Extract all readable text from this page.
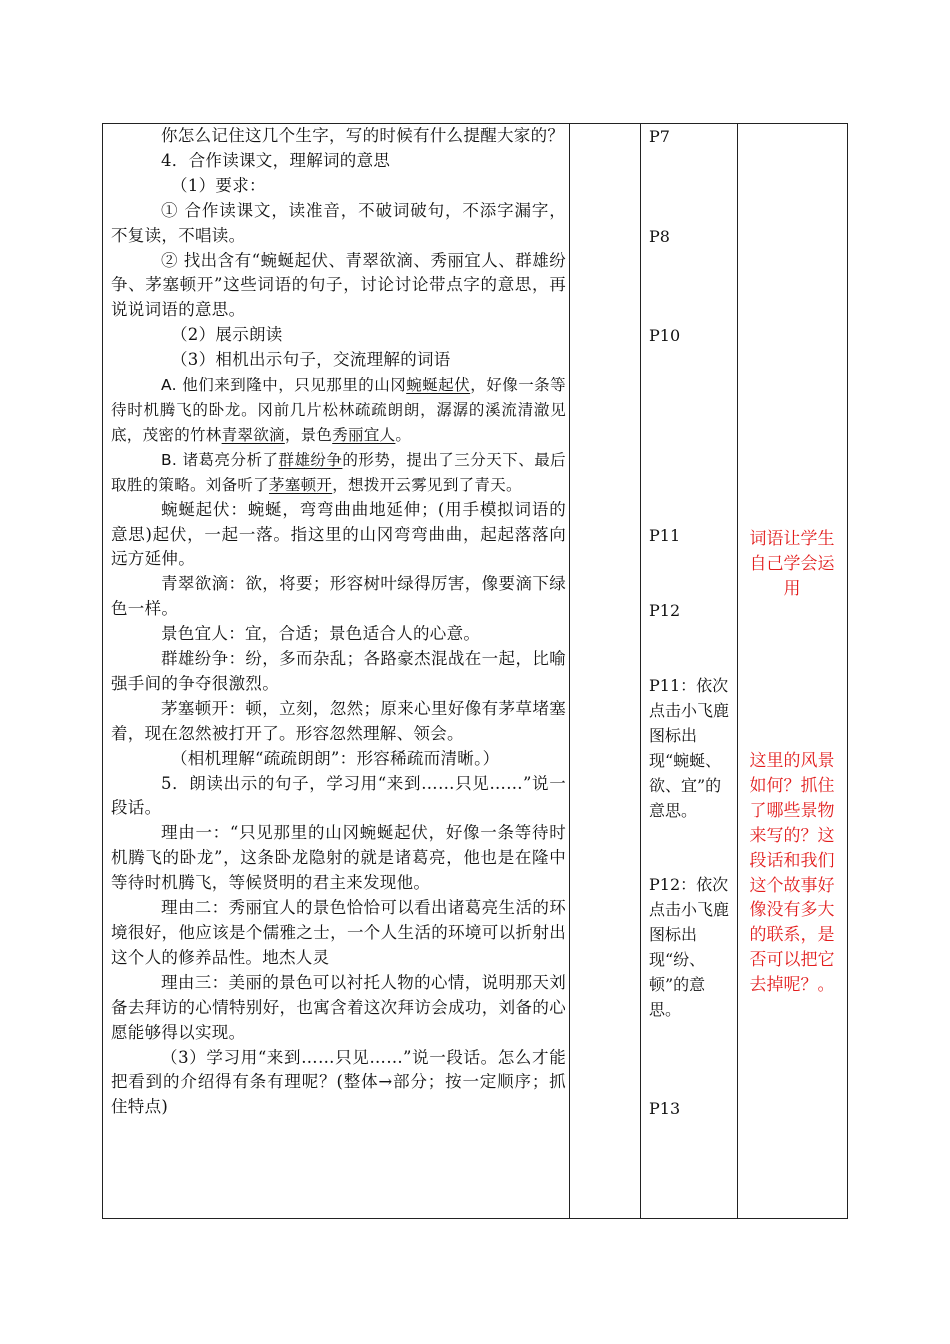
你怎么记住这几个生字，写的时候有什么提醒大家的？

4．合作读课文，理解词的意思

（1）要求：

① 合作读课文，读准音，不破词破句，不添字漏字，不复读，不唱读。

② 找出含有“蜿蜒起伏、青翠欲滴、秀丽宜人、群雄纷争、茅塞顿开”这些词语的句子，讨论讨论带点字的意思，再说说词语的意思。

（2）展示朗读

（3）相机出示句子，交流理解的词语

A. 他们来到隆中，只见那里的山冈蜿蜒起伏，好像一条等待时机腾飞的卧龙。冈前几片松林疏疏朗朗，潺潺的溪流清澈见底，茂密的竹林青翠欲滴，景色秀丽宜人。

B. 诸葛亮分析了群雄纷争的形势，提出了三分天下、最后取胜的策略。刘备听了茅塞顿开，想拨开云雾见到了青天。

蜿蜒起伏：蜿蜒，弯弯曲曲地延伸；(用手模拟词语的意思)起伏，一起一落。指这里的山冈弯弯曲曲，起起落落向远方延伸。

青翠欲滴：欲，将要；形容树叶绿得厉害，像要滴下绿色一样。

景色宜人：宜，合适；景色适合人的心意。

群雄纷争：纷，多而杂乱；各路豪杰混战在一起，比喻强手间的争夺很激烈。

茅塞顿开：顿，立刻，忽然；原来心里好像有茅草堵塞着，现在忽然被打开了。形容忽然理解、领会。

（相机理解“疏疏朗朗”：形容稀疏而清晰。）

5．朗读出示的句子，学习用“来到……只见……”说一段话。

理由一：“只见那里的山冈蜿蜒起伏，好像一条等待时机腾飞的卧龙”，这条卧龙隐射的就是诸葛亮，他也是在隆中等待时机腾飞，等候贤明的君主来发现他。

理由二：秀丽宜人的景色恰恰可以看出诸葛亮生活的环境很好，他应该是个儒雅之士，一个人生活的环境可以折射出这个人的修养品性。地杰人灵

理由三：美丽的景色可以衬托人物的心情，说明那天刘备去拜访的心情特别好，也寓含着这次拜访会成功，刘备的心愿能够得以实现。

（3）学习用“来到……只见……”说一段话。怎么才能把看到的介绍得有条有理呢？(整体→部分；按一定顺序；抓住特点)

P7

P8

P10

P11

P12

P11：依次点击小飞鹿图标出现“蜿蜒、欲、宜”的意思。

P12：依次点击小飞鹿图标出现“纷、顿”的意思。

P13

词语让学生自己学会运用

这里的风景如何？抓住了哪些景物来写的？这段话和我们这个故事好像没有多大的联系，是否可以把它去掉呢？。
